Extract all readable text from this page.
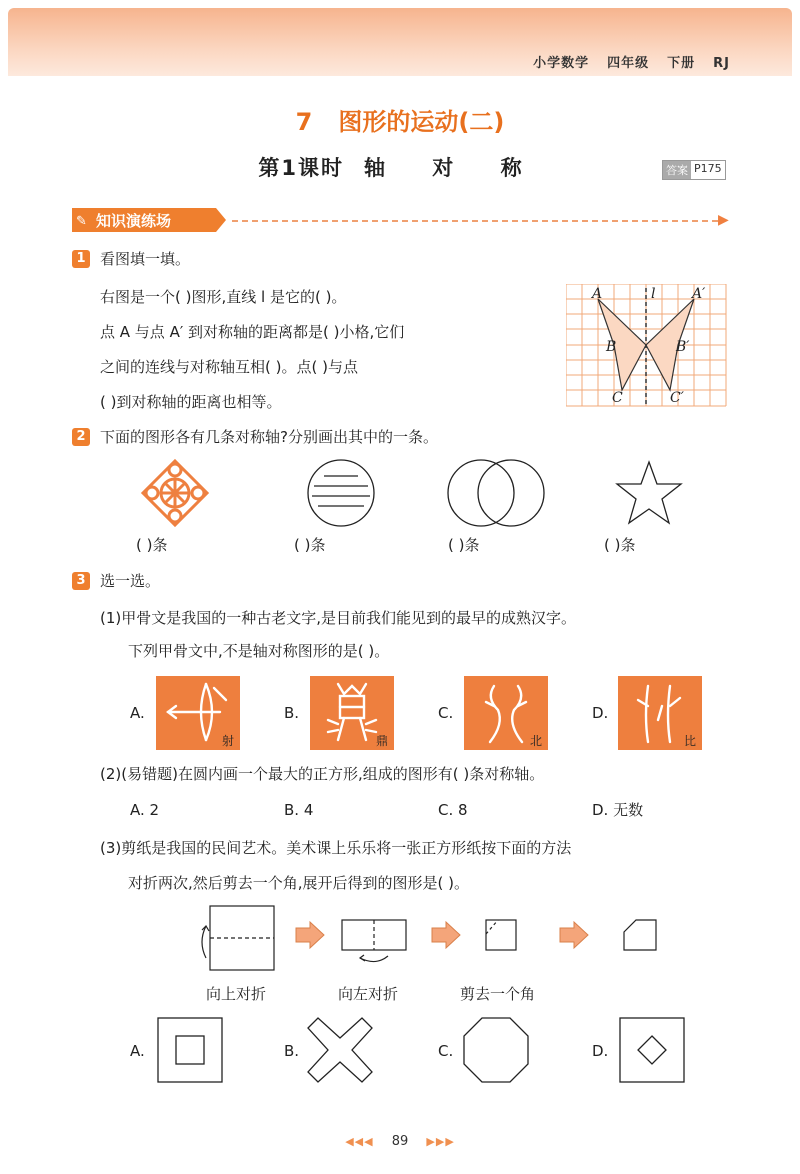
小学数学 四年级 下册 RJ
7 图形的运动(二)
第1课时 轴 对 称	答案 P175
✎ 知识演练场	▶
1 看图填一填。
右图是一个( )图形,直线 l 是它的( )。
点 A 与点 A′ 到对称轴的距离都是( )小格,它们
之间的连线与对称轴互相( )。点( )与点
( )到对称轴的距离也相等。
A	l	A′
B	B′
C	C′
2 下面的图形各有几条对称轴?分别画出其中的一条。
( )条	( )条	( )条	( )条
3 选一选。
(1)甲骨文是我国的一种古老文字,是目前我们能见到的最早的成熟汉字。
下列甲骨文中,不是轴对称图形的是( )。
A.
射
B.
鼎
C.
北
D.
比
(2)(易错题)在圆内画一个最大的正方形,组成的图形有( )条对称轴。
A. 2	B. 4	C. 8	D. 无数
(3)剪纸是我国的民间艺术。美术课上乐乐将一张正方形纸按下面的方法
对折两次,然后剪去一个角,展开后得到的图形是( )。
向上对折	向左对折	剪去一个角
A.	B.	C.	D.
◀◀◀ 89 ▶▶▶
